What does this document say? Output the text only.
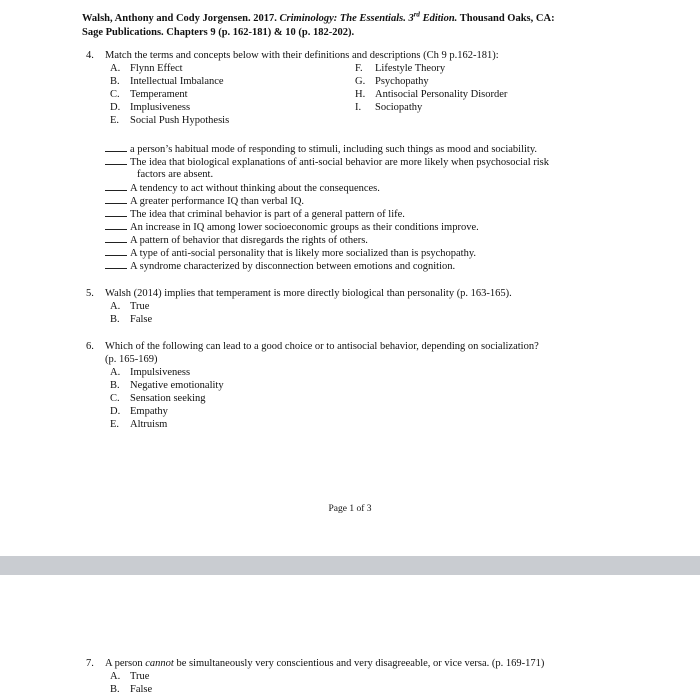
Walsh, Anthony and Cody Jorgensen. 2017. Criminology: The Essentials. 3rd Edition. Thousand Oaks, CA:
Sage Publications. Chapters 9 (p. 162-181) & 10 (p. 182-202).
4. Match the terms and concepts below with their definitions and descriptions (Ch 9 p.162-181):
A. Flynn Effect
B. Intellectual Imbalance
C. Temperament
D. Implusiveness
E. Social Push Hypothesis
F. Lifestyle Theory
G. Psychopathy
H. Antisocial Personality Disorder
I. Sociopathy
a person’s habitual mode of responding to stimuli, including such things as mood and sociability.
The idea that biological explanations of anti-social behavior are more likely when psychosocial risk
factors are absent.
A tendency to act without thinking about the consequences.
A greater performance IQ than verbal IQ.
The idea that criminal behavior is part of a general pattern of life.
An increase in IQ among lower socioeconomic groups as their conditions improve.
A pattern of behavior that disregards the rights of others.
A type of anti-social personality that is likely more socialized than is psychopathy.
A syndrome characterized by disconnection between emotions and cognition.
5. Walsh (2014) implies that temperament is more directly biological than personality (p. 163-165).
A. True
B. False
6. Which of the following can lead to a good choice or to antisocial behavior, depending on socialization?
(p. 165-169)
A. Impulsiveness
B. Negative emotionality
C. Sensation seeking
D. Empathy
E. Altruism
Page 1 of 3
7. A person cannot be simultaneously very conscientious and very disagreeable, or vice versa. (p. 169-171)
A. True
B. False
